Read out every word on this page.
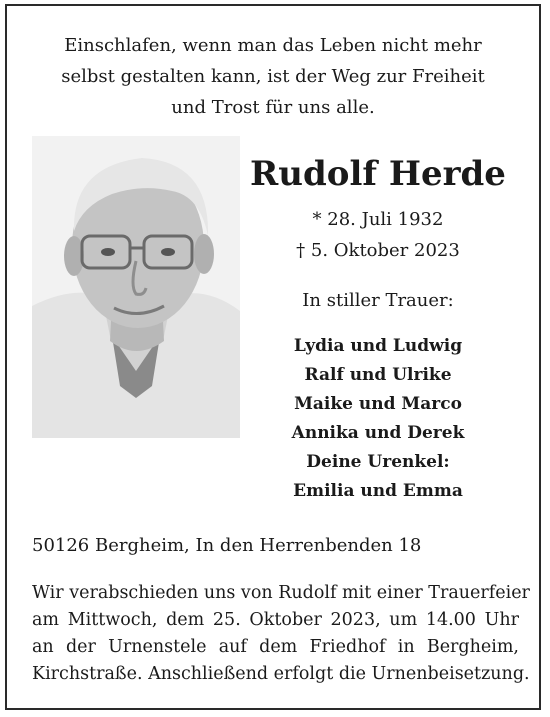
Einschlafen, wenn man das Leben nicht mehr
selbst gestalten kann, ist der Weg zur Freiheit
und Trost für uns alle.
Rudolf Herde
* 28. Juli 1932
† 5. Oktober 2023
In stiller Trauer:
Lydia und Ludwig
Ralf und Ulrike
Maike und Marco
Annika und Derek
Deine Urenkel:
Emilia und Emma
50126 Bergheim, In den Herrenbenden 18
Wir verabschieden uns von Rudolf mit einer Trauerfeier
am Mittwoch, dem 25. Oktober 2023, um 14.00 Uhr
an der Urnenstele auf dem Friedhof in Bergheim,
Kirchstraße. Anschließend erfolgt die Urnenbeisetzung.
